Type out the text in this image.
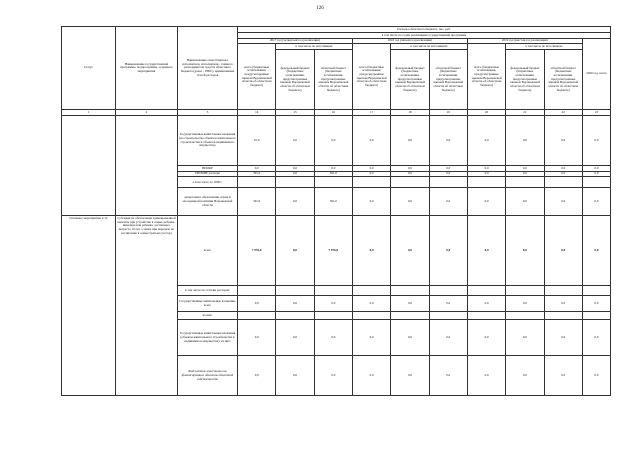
126
Статус	Наименование государственной программы, подпрограммы, основного мероприятия	Наименование ответственного исполнителя, исполнителя - главного распорядителя средств областного бюджета (далее - ГРБС), наименование статей расходов	Расходы областного бюджета, тыс. руб.									
			в том числе по годам реализации государственной программы									
			2017 год (четвертый год реализации)			2018 год (пятый год реализации)			2019 год (шестой год реализации)			2020 год, всего
			всего (бюджетные ассигнования, предусмотренные законом Воронежской области об областном бюджете)	в том числе по источникам:		всего (бюджетные ассигнования, предусмотренные законом Воронежской области об областном бюджете)	в том числе по источникам:		всего (бюджетные ассигнования, предусмотренные законом Воронежской области об областном бюджете)	в том числе по источникам:		
				федеральный бюджет (бюджетные ассигнования, предусмотренные законом Воронежской области об областном бюджете)	областной бюджет (бюджетные ассигнования, предусмотренные законом Воронежской области об областном бюджете)		федеральный бюджет (бюджетные ассигнования, предусмотренные законом Воронежской области об областном бюджете)	областной бюджет (бюджетные ассигнования, предусмотренные законом Воронежской области об областном бюджете)		федеральный бюджет (бюджетные ассигнования, предусмотренные законом Воронежской области об областном бюджете)	областной бюджет (бюджетные ассигнования, предусмотренные законом Воронежской области об областном бюджете)	
1	2	3	14	15	16	17	18	19	20	21	22	23
		Государственные капитальные вложения (на строительство объектов капитального строительства и объектов недвижимого имущества)	10,0	0,0	0,0	0,0	0,0	0,0	0,0	0,0	0,0	0,0
		НИОКР	0,0	0,0	0,0	0,0	0,0	0,0	0,0	0,0	0,0	0,0
		ПРОЧИЕ расходы	391,0	0,0	391,0	0,0	0,0	0,0	0,0	0,0	0,0	0,0
		в том числе по ГРБС:										
		департамент образования, науки и молодежной политики Воронежской области	391,0	0,0	391,0	0,0	0,0	0,0	0,0	0,0	0,0	0,0
Основное мероприятие 2.12	Субсидия на обеспечение единовременной выплаты при устройстве в семью ребенка-инвалида или ребенка, достигшего возраста 10 лет, а также при передаче на воспитание в семью братьев (сестер)	всего	7 976,0	0,0	7 976,0	0,0	0,0	0,0	0,0	0,0	0,0	0,0
		в том числе по статьям расходов:										
		Государственные капитальные вложения, всего	0,0	0,0	0,0	0,0	0,0	0,0	0,0	0,0	0,0	0,0
		из них:										
		Государственные капитальные вложения (объекты капитального строительства и недвижимого имущества), из них:	0,0	0,0	0,0	0,0	0,0	0,0	0,0	0,0	0,0	0,0
		Бюджетные инвестиции на финансирование объектов областной собственности	0,0	0,0	0,0	0,0	0,0	0,0	0,0	0,0	0,0	0,0
